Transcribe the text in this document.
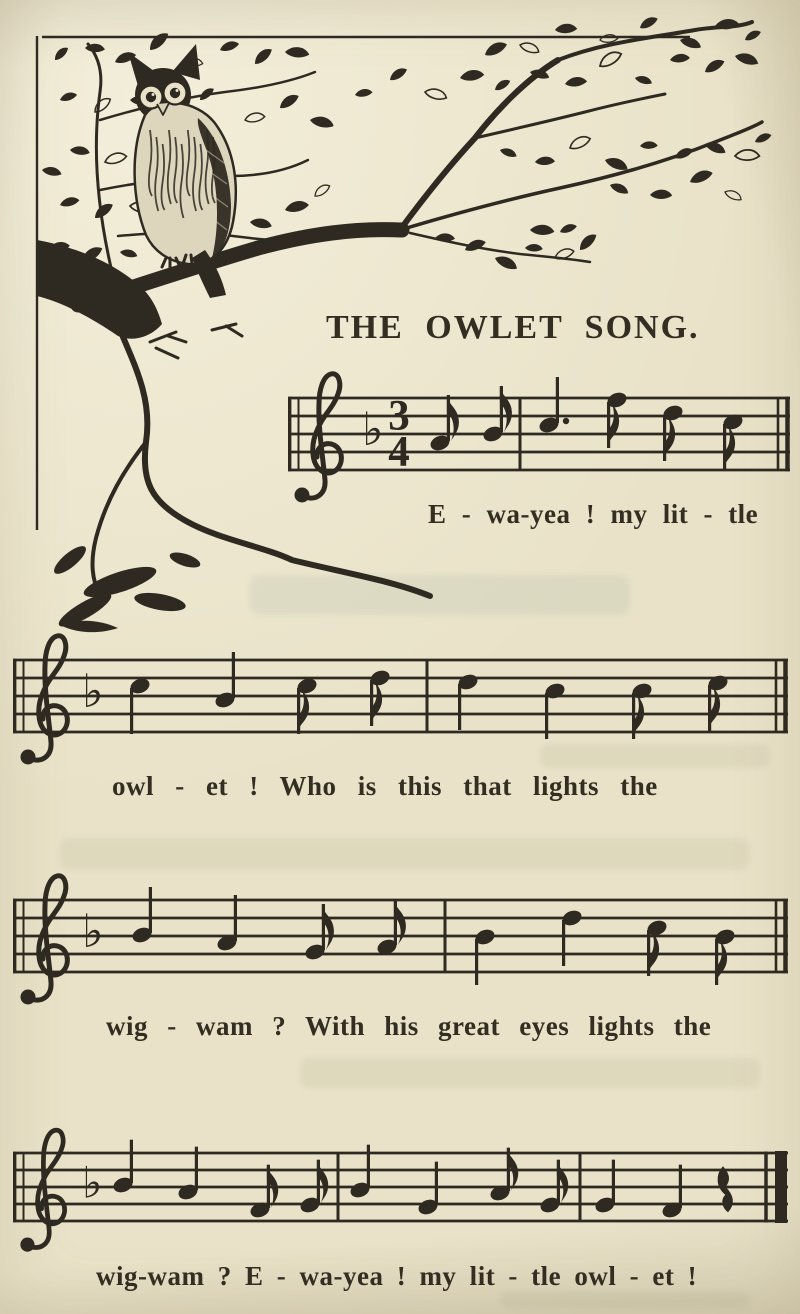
♭ 3
4
♭
♭
♭
THE OWLET SONG.
E - wa-yea ! my lit - tle
owl - et ! Who is this that lights the
wig - wam ? With his great eyes lights the
wig-wam ? E - wa-yea ! my lit - tle owl - et !
